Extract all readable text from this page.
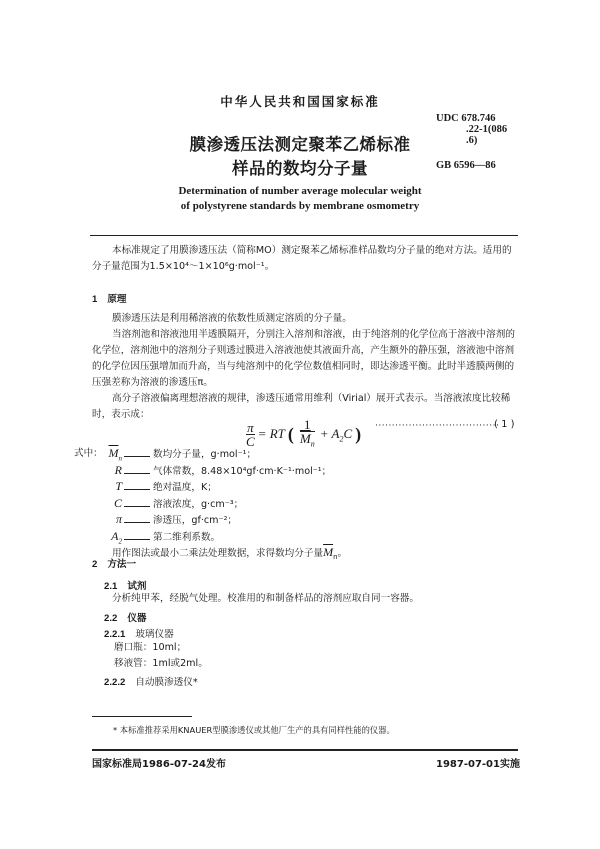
中华人民共和国国家标准
UDC 678.746
.22-1(086
.6)
GB 6596—86
膜渗透压法测定聚苯乙烯标准
样品的数均分子量
Determination of number average molecular weight
of polystyrene standards by membrane osmometry
本标准规定了用膜渗透压法（简称MO）测定聚苯乙烯标准样品数均分子量的绝对方法。适用的
分子量范围为1.5×10⁴～1×10⁶g·mol⁻¹。
1 原理
膜渗透压法是利用稀溶液的依数性质测定溶质的分子量。
当溶剂池和溶液池用半透膜隔开，分别注入溶剂和溶液，由于纯溶剂的化学位高于溶液中溶剂的
化学位，溶剂池中的溶剂分子则透过膜进入溶液池使其液面升高，产生额外的静压强，溶液池中溶剂
的化学位因压强增加而升高，当与纯溶剂中的化学位数值相同时，即达渗透平衡。此时半透膜两侧的
压强差称为溶液的渗透压π。
高分子溶液偏离理想溶液的规律，渗透压通常用维利（Virial）展开式表示。当溶液浓度比较稀
时，表示成：
$\frac{\pi}{C}$ = RT ( $\frac{1}{\overline{M}_n} + A_2C$ ) ·····································
( 1 )
式中： $\overline{M}_n$	数均分子量，g·mol⁻¹；
R	气体常数，8.48×10⁴gf·cm·K⁻¹·mol⁻¹；
T	绝对温度，K；
C	溶液浓度，g·cm⁻³；
π	渗透压，gf·cm⁻²；
$A_2$	第二维利系数。
用作图法或最小二乘法处理数据，求得数均分子量$\overline{M}_n$。
2 方法一
2.1 试剂
分析纯甲苯，经脱气处理。校准用的和制备样品的溶剂应取自同一容器。
2.2 仪器
2.2.1 玻璃仪器
磨口瓶：10ml；
移液管：1ml或2ml。
2.2.2 自动膜渗透仪*
* 本标准推荐采用KNAUER型膜渗透仪或其他厂生产的具有同样性能的仪器。
国家标准局1986-07-24发布	1987-07-01实施
